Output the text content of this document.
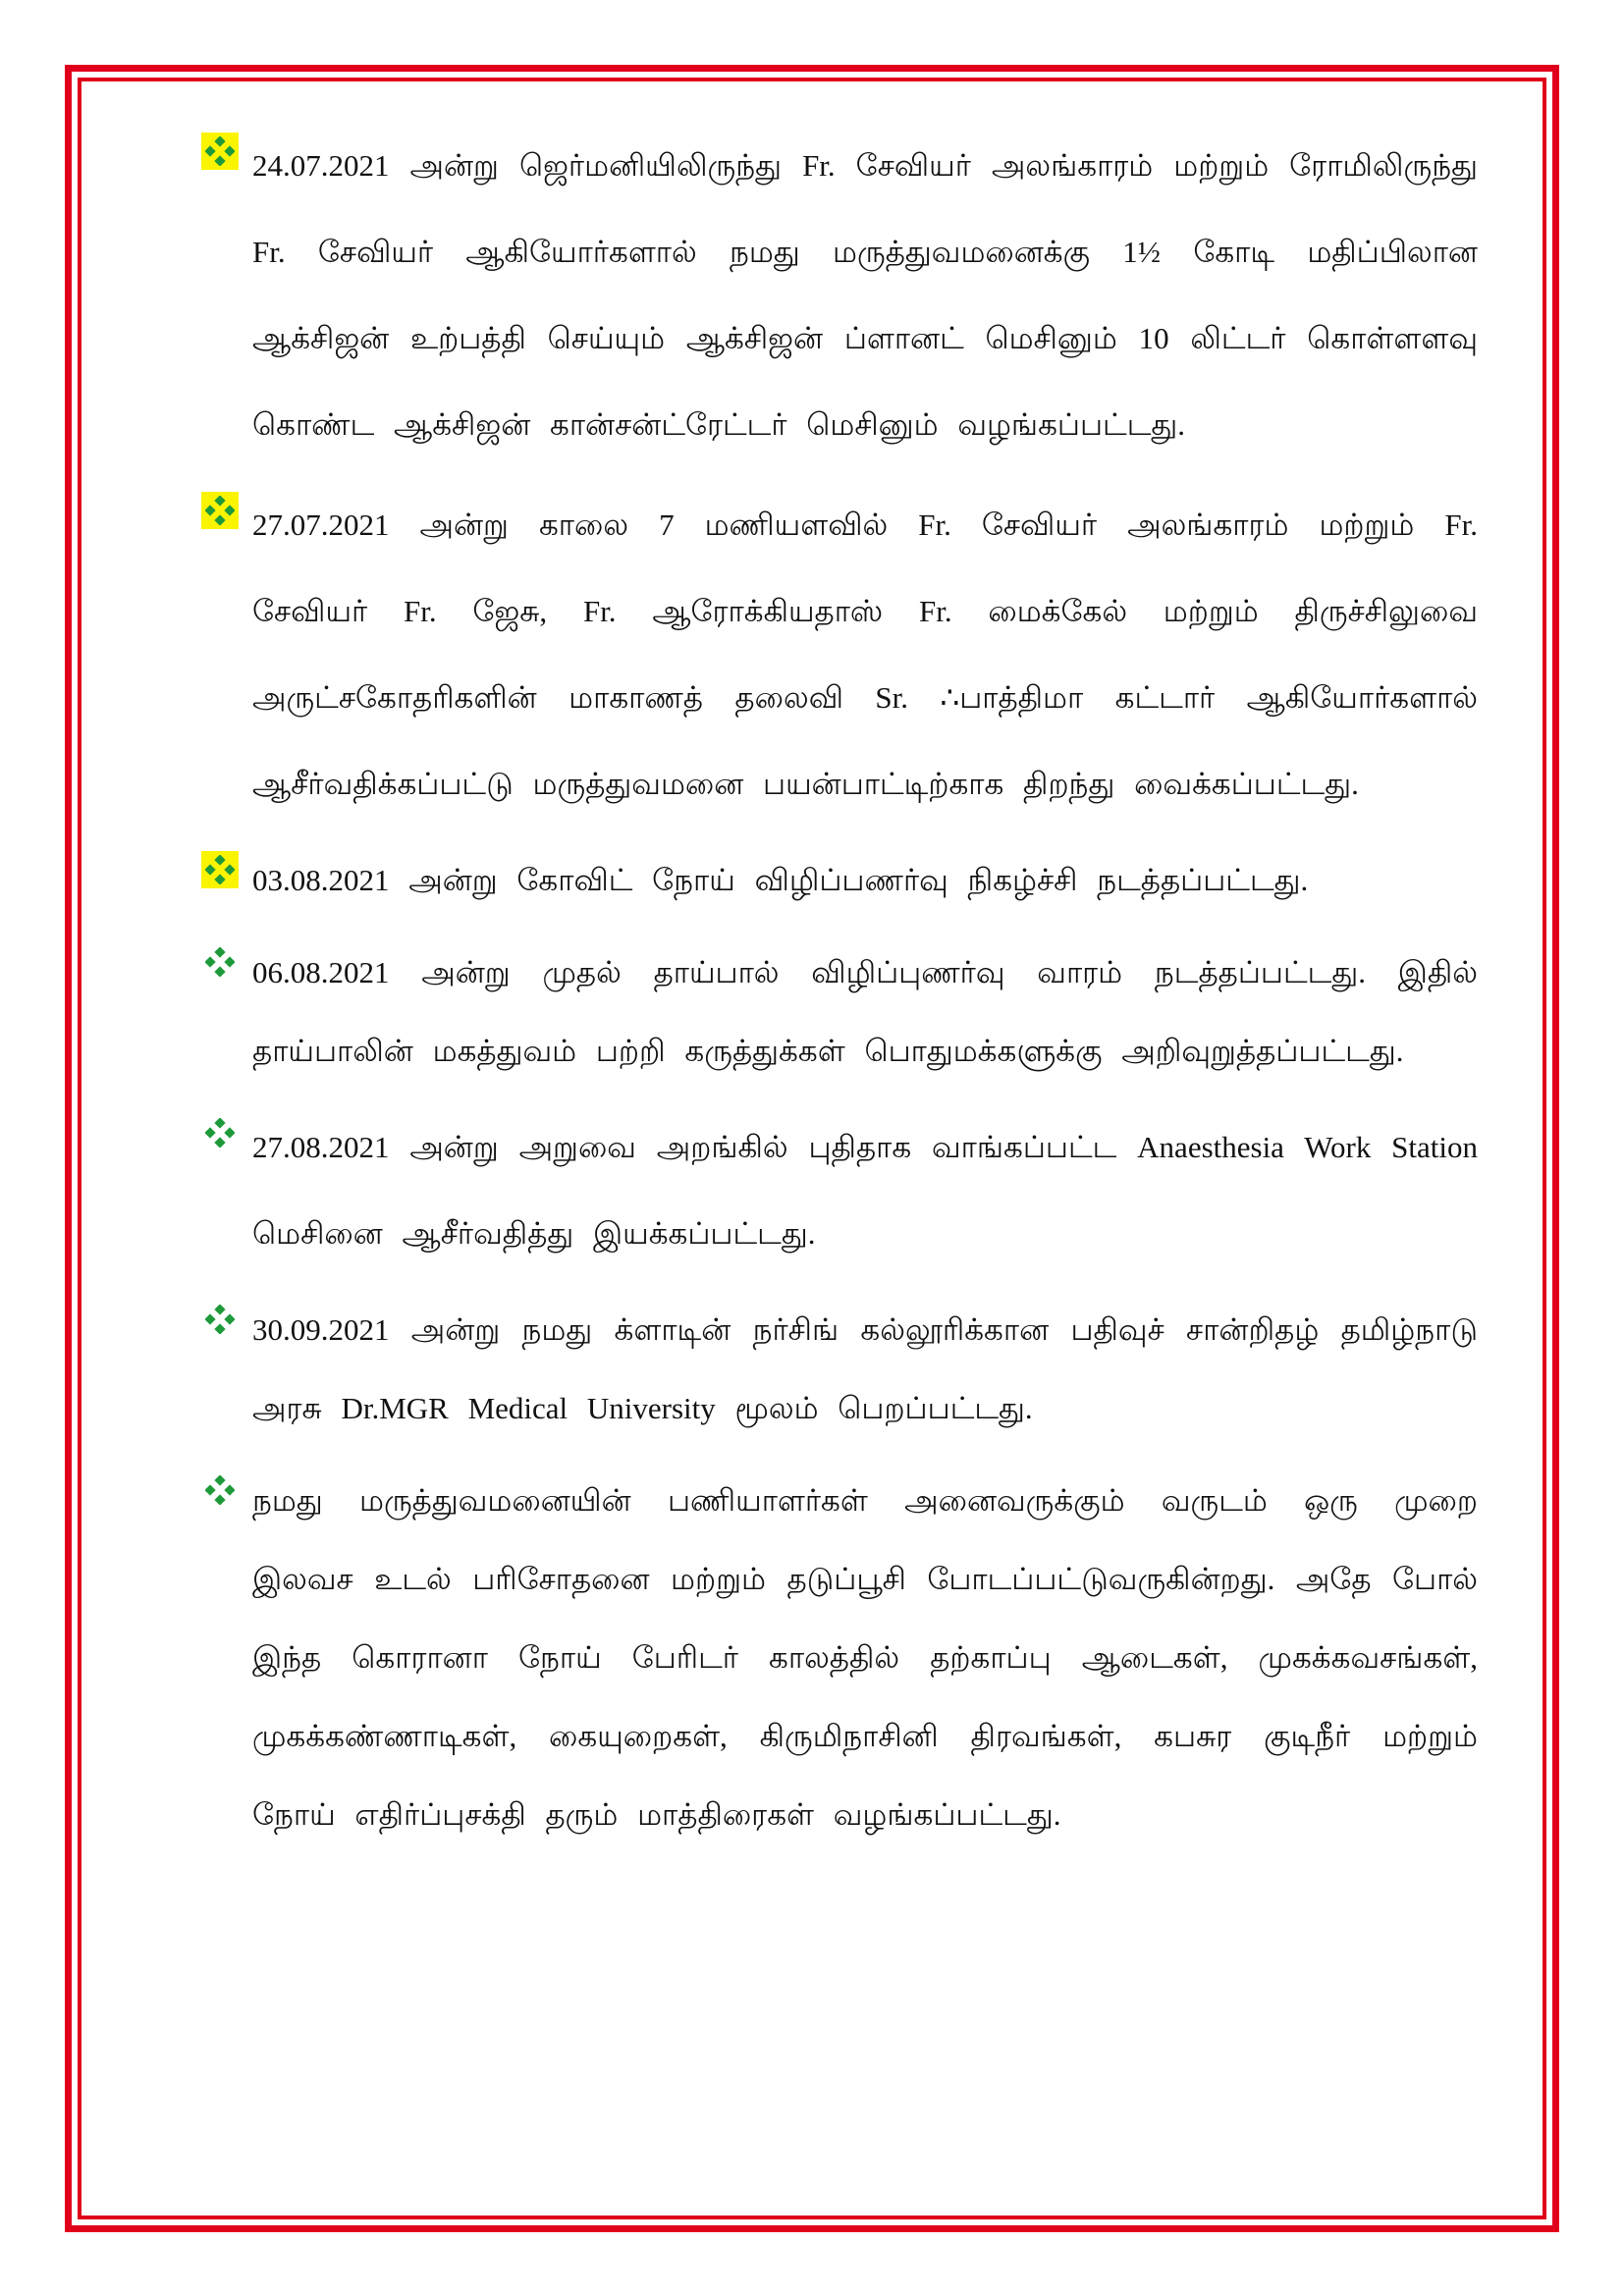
24.07.2021 அன்று ஜெர்மனியிலிருந்து Fr. சேவியர் அலங்காரம் மற்றும் ரோமிலிருந்து Fr. சேவியர் ஆகியோர்களால் நமது மருத்துவமனைக்கு 1½ கோடி மதிப்பிலான ஆக்சிஜன் உற்பத்தி செய்யும் ஆக்சிஜன் ப்ளானட் மெசினும் 10 லிட்டர் கொள்ளளவு கொண்ட ஆக்சிஜன் கான்சன்ட்ரேட்டர் மெசினும் வழங்கப்பட்டது.
27.07.2021 அன்று காலை 7 மணியளவில் Fr. சேவியர் அலங்காரம் மற்றும் Fr. சேவியர் Fr. ஜேசு, Fr. ஆரோக்கியதாஸ் Fr. மைக்கேல் மற்றும் திருச்சிலுவை அருட்சகோதரிகளின் மாகாணத் தலைவி Sr. ∴பாத்திமா கட்டார் ஆகியோர்களால் ஆசீர்வதிக்கப்பட்டு மருத்துவமனை பயன்பாட்டிற்காக திறந்து வைக்கப்பட்டது.
03.08.2021 அன்று கோவிட் நோய் விழிப்பணர்வு நிகழ்ச்சி நடத்தப்பட்டது.
06.08.2021 அன்று முதல் தாய்பால் விழிப்புணர்வு வாரம் நடத்தப்பட்டது. இதில் தாய்பாலின் மகத்துவம் பற்றி கருத்துக்கள் பொதுமக்களுக்கு அறிவுறுத்தப்பட்டது.
27.08.2021 அன்று அறுவை அறங்கில் புதிதாக வாங்கப்பட்ட Anaesthesia Work Station மெசினை ஆசீர்வதித்து இயக்கப்பட்டது.
30.09.2021 அன்று நமது க்ளாடின் நர்சிங் கல்லூரிக்கான பதிவுச் சான்றிதழ் தமிழ்நாடு அரசு Dr.MGR Medical University மூலம் பெறப்பட்டது.
நமது மருத்துவமனையின் பணியாளர்கள் அனைவருக்கும் வருடம் ஒரு முறை இலவச உடல் பரிசோதனை மற்றும் தடுப்பூசி போடப்பட்டுவருகின்றது. அதே போல் இந்த கொரானா நோய் பேரிடர் காலத்தில் தற்காப்பு ஆடைகள், முகக்கவசங்கள், முகக்கண்ணாடிகள், கையுறைகள், கிருமிநாசினி திரவங்கள், கபசுர குடிநீர் மற்றும் நோய் எதிர்ப்புசக்தி தரும் மாத்திரைகள் வழங்கப்பட்டது.
